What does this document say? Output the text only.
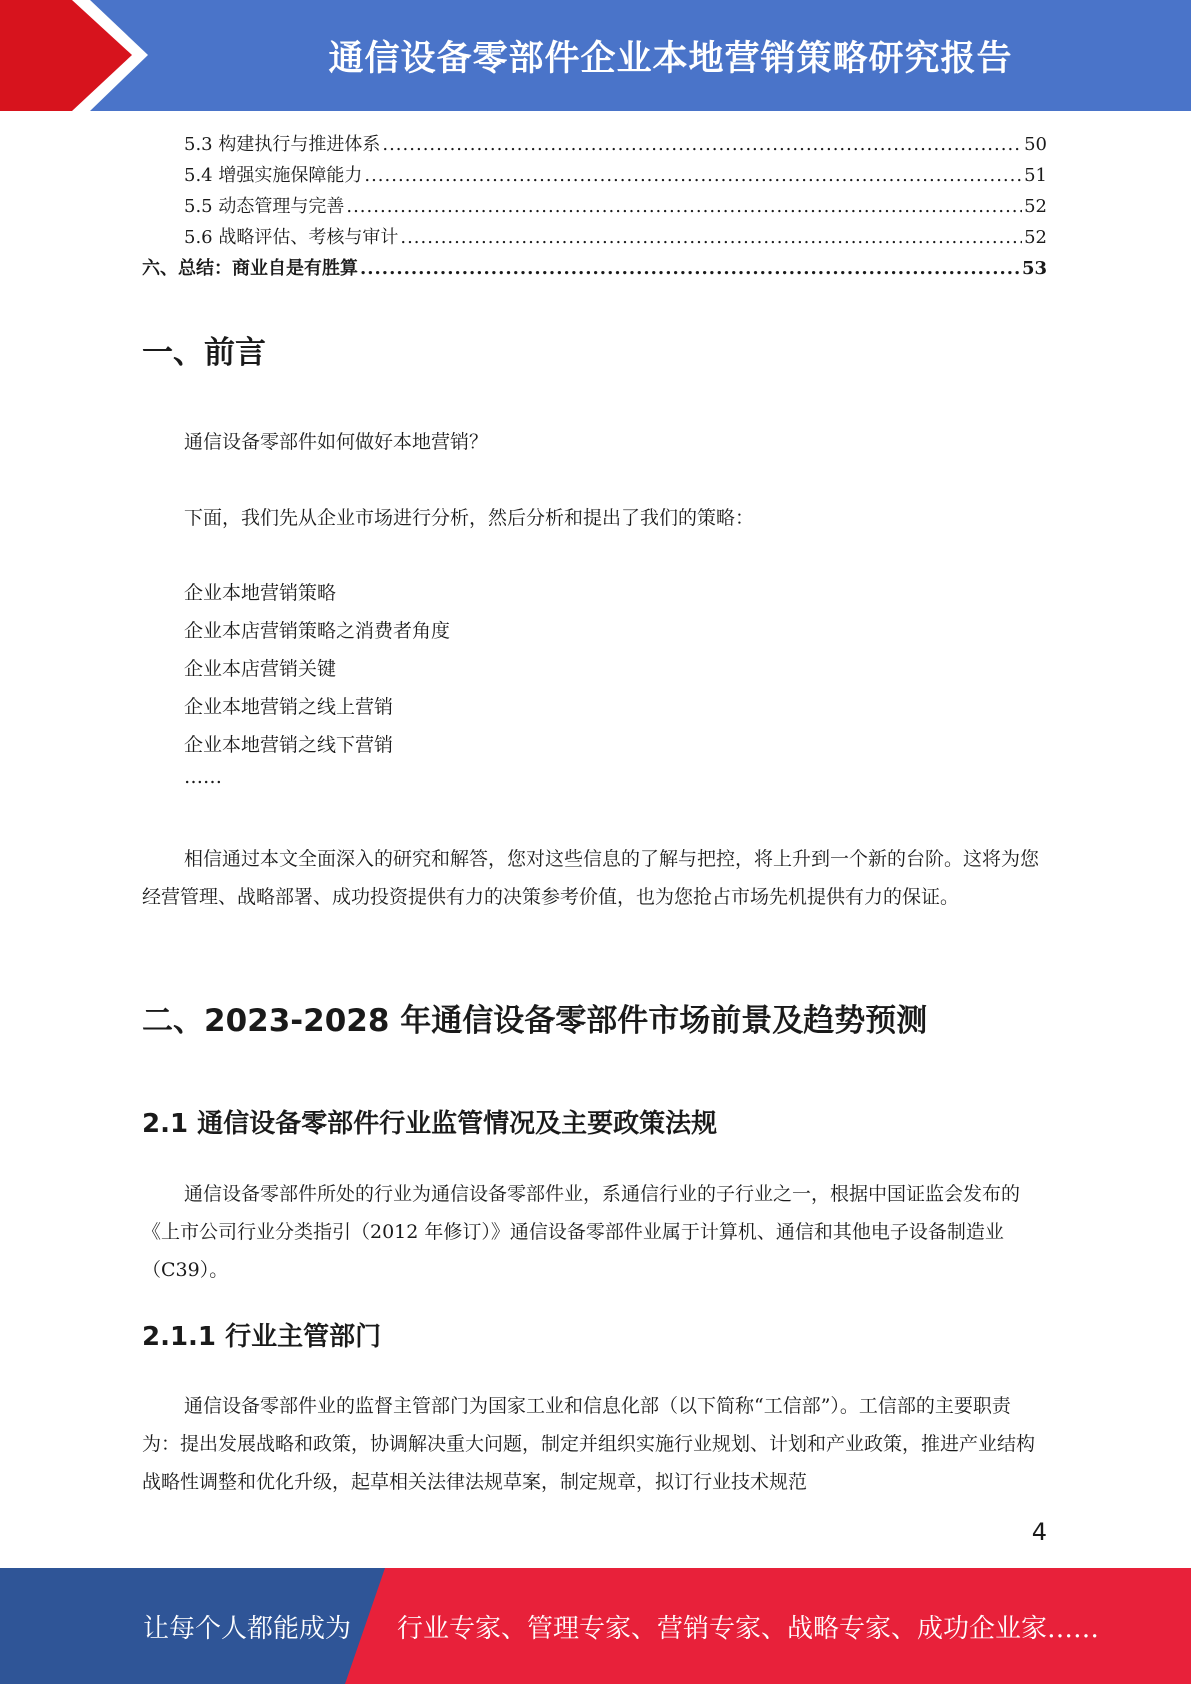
通信设备零部件企业本地营销策略研究报告
5.3 构建执行与推进体系 .....	50
5.4 增强实施保障能力 .....	51
5.5 动态管理与完善 .....	52
5.6 战略评估、考核与审计 .....	52
六、总结：商业自是有胜算 .....	53
一、前言

通信设备零部件如何做好本地营销？

下面，我们先从企业市场进行分析，然后分析和提出了我们的策略：

企业本地营销策略

企业本店营销策略之消费者角度

企业本店营销关键

企业本地营销之线上营销

企业本地营销之线下营销

……

相信通过本文全面深入的研究和解答，您对这些信息的了解与把控，将上升到一个新的台阶。这将为您经营管理、战略部署、成功投资提供有力的决策参考价值，也为您抢占市场先机提供有力的保证。

二、2023-2028 年通信设备零部件市场前景及趋势预测
2.1 通信设备零部件行业监管情况及主要政策法规

通信设备零部件所处的行业为通信设备零部件业，系通信行业的子行业之一，根据中国证监会发布的《上市公司行业分类指引（2012 年修订）》通信设备零部件业属于计算机、通信和其他电子设备制造业（C39）。

2.1.1 行业主管部门

通信设备零部件业的监督主管部门为国家工业和信息化部（以下简称“工信部”）。工信部的主要职责为：提出发展战略和政策，协调解决重大问题，制定并组织实施行业规划、计划和产业政策，推进产业结构战略性调整和优化升级，起草相关法律法规草案，制定规章，拟订行业技术规范

4
让每个人都能成为 行业专家、管理专家、营销专家、战略专家、成功企业家……
